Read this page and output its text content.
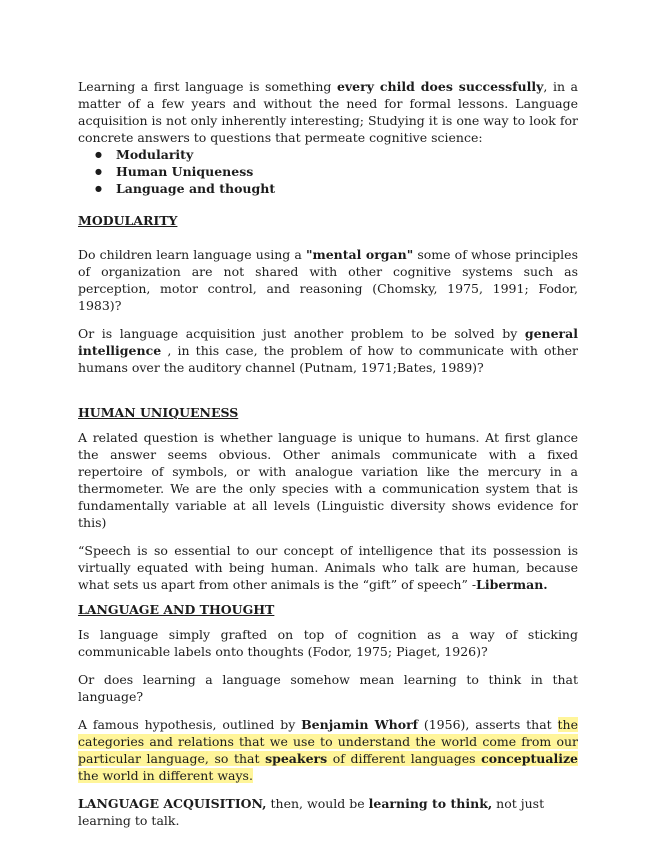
Learning a first language is something every child does successfully, in a matter of a few years and without the need for formal lessons. Language acquisition is not only inherently interesting; Studying it is one way to look for concrete answers to questions that permeate cognitive science:

● Modularity
● Human Uniqueness
● Language and thought
MODULARITY

Do children learn language using a "mental organ" some of whose principles of organization are not shared with other cognitive systems such as perception, motor control, and reasoning (Chomsky, 1975, 1991; Fodor, 1983)?

Or is language acquisition just another problem to be solved by general intelligence , in this case, the problem of how to communicate with other humans over the auditory channel (Putnam, 1971;Bates, 1989)?

HUMAN UNIQUENESS

A related question is whether language is unique to humans. At first glance the answer seems obvious. Other animals communicate with a fixed repertoire of symbols, or with analogue variation like the mercury in a thermometer. We are the only species with a communication system that is fundamentally variable at all levels (Linguistic diversity shows evidence for this)

“Speech is so essential to our concept of intelligence that its possession is virtually equated with being human. Animals who talk are human, because what sets us apart from other animals is the “gift” of speech” -Liberman.

LANGUAGE AND THOUGHT

Is language simply grafted on top of cognition as a way of sticking communicable labels onto thoughts (Fodor, 1975; Piaget, 1926)?

Or does learning a language somehow mean learning to think in that language?

A famous hypothesis, outlined by Benjamin Whorf (1956), asserts that the categories and relations that we use to understand the world come from our particular language, so that speakers of different languages conceptualize the world in different ways.

LANGUAGE ACQUISITION, then, would be learning to think, not just learning to talk.
